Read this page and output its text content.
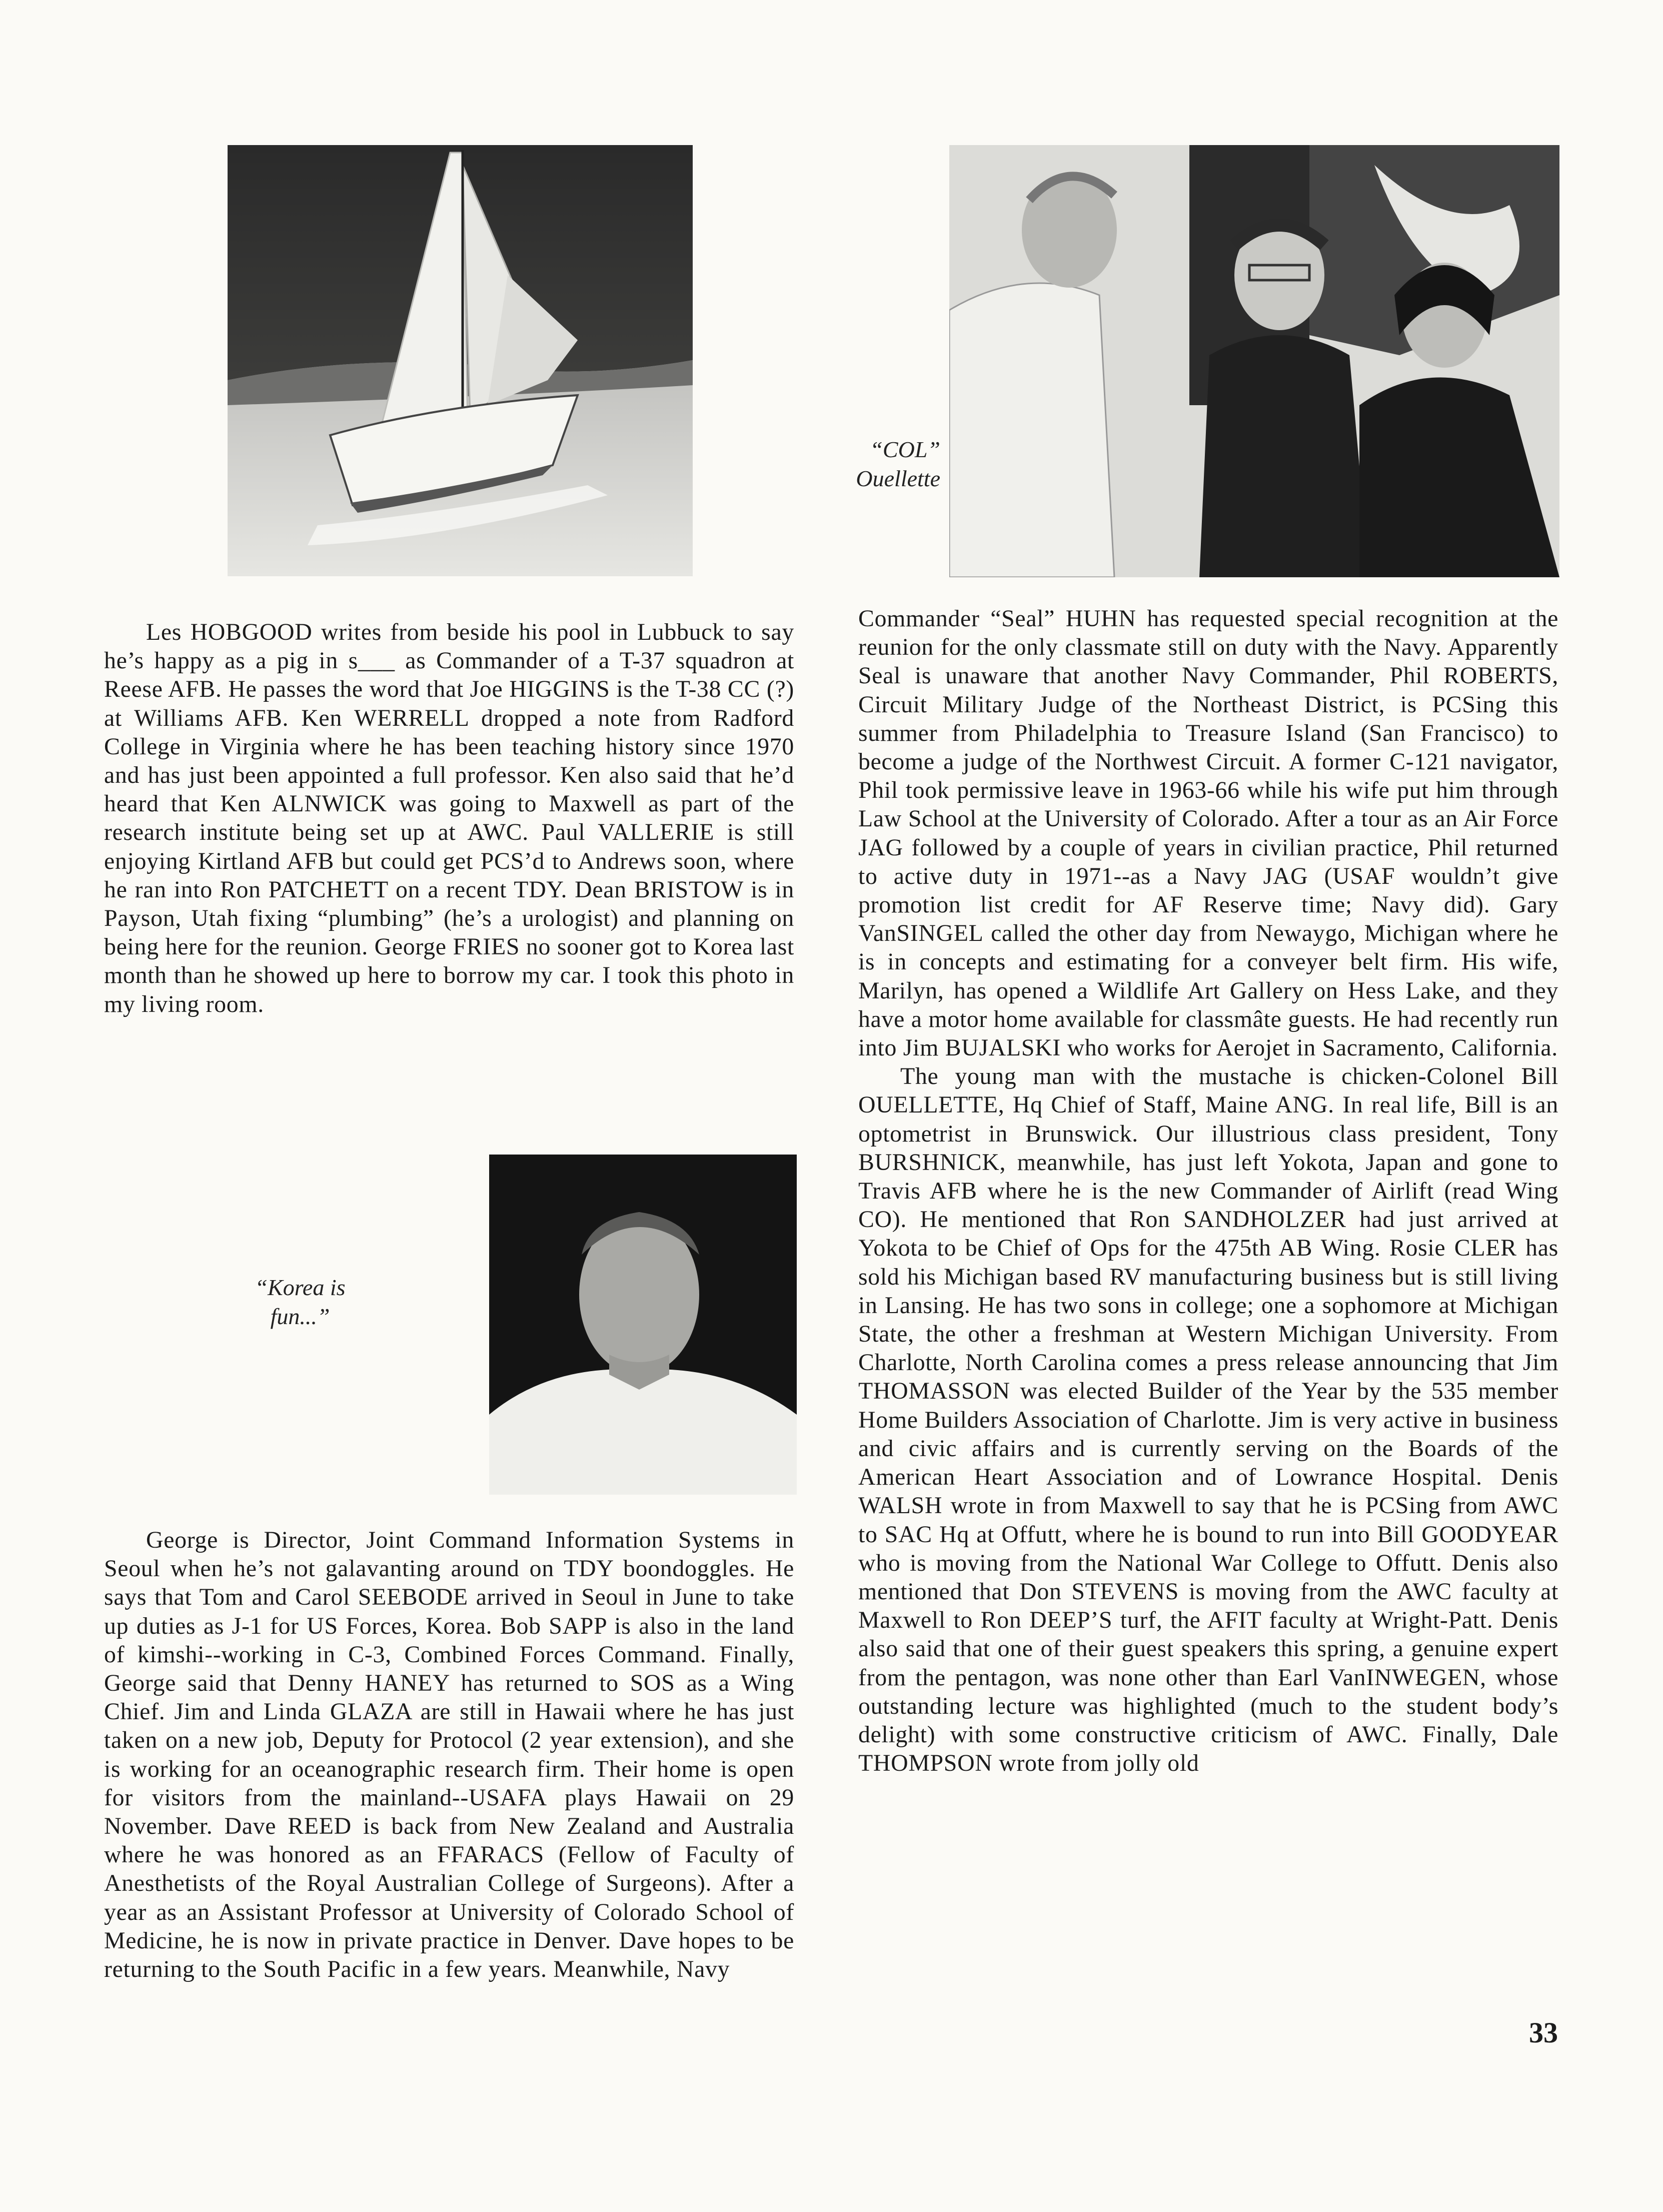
“COL”
Ouellette
“Korea is
fun...”

Les HOBGOOD writes from beside his pool in Lubbuck to say he’s happy as a pig in s___ as Commander of a T-37 squadron at Reese AFB. He passes the word that Joe HIGGINS is the T-38 CC (?) at Williams AFB. Ken WERRELL dropped a note from Radford College in Virginia where he has been teaching history since 1970 and has just been appointed a full professor. Ken also said that he’d heard that Ken ALNWICK was going to Maxwell as part of the research institute being set up at AWC. Paul VALLERIE is still enjoying Kirtland AFB but could get PCS’d to Andrews soon, where he ran into Ron PATCHETT on a recent TDY. Dean BRISTOW is in Payson, Utah fixing “plumbing” (he’s a urologist) and planning on being here for the reunion. George FRIES no sooner got to Korea last month than he showed up here to borrow my car. I took this photo in my living room.

George is Director, Joint Command Information Systems in Seoul when he’s not galavanting around on TDY boondoggles. He says that Tom and Carol SEEBODE arrived in Seoul in June to take up duties as J-1 for US Forces, Korea. Bob SAPP is also in the land of kimshi--working in C-3, Combined Forces Command. Finally, George said that Denny HANEY has returned to SOS as a Wing Chief. Jim and Linda GLAZA are still in Hawaii where he has just taken on a new job, Deputy for Protocol (2 year extension), and she is working for an oceanographic research firm. Their home is open for visitors from the mainland--USAFA plays Hawaii on 29 November. Dave REED is back from New Zealand and Australia where he was honored as an FFARACS (Fellow of Faculty of Anesthetists of the Royal Australian College of Surgeons). After a year as an Assistant Professor at University of Colorado School of Medicine, he is now in private practice in Denver. Dave hopes to be returning to the South Pacific in a few years. Meanwhile, Navy

Commander “Seal” HUHN has requested special recognition at the reunion for the only classmate still on duty with the Navy. Apparently Seal is unaware that another Navy Commander, Phil ROBERTS, Circuit Military Judge of the Northeast District, is PCSing this summer from Philadelphia to Treasure Island (San Francisco) to become a judge of the Northwest Circuit. A former C-121 navigator, Phil took permissive leave in 1963-66 while his wife put him through Law School at the University of Colorado. After a tour as an Air Force JAG followed by a couple of years in civilian practice, Phil returned to active duty in 1971--as a Navy JAG (USAF wouldn’t give promotion list credit for AF Reserve time; Navy did). Gary VanSINGEL called the other day from Newaygo, Michigan where he is in concepts and estimating for a conveyer belt firm. His wife, Marilyn, has opened a Wildlife Art Gallery on Hess Lake, and they have a motor home available for classmâte guests. He had recently run into Jim BUJALSKI who works for Aerojet in Sacramento, California.

The young man with the mustache is chicken-Colonel Bill OUELLETTE, Hq Chief of Staff, Maine ANG. In real life, Bill is an optometrist in Brunswick. Our illustrious class president, Tony BURSHNICK, meanwhile, has just left Yokota, Japan and gone to Travis AFB where he is the new Commander of Airlift (read Wing CO). He mentioned that Ron SANDHOLZER had just arrived at Yokota to be Chief of Ops for the 475th AB Wing. Rosie CLER has sold his Michigan based RV manufacturing business but is still living in Lansing. He has two sons in college; one a sophomore at Michigan State, the other a freshman at Western Michigan University. From Charlotte, North Carolina comes a press release announcing that Jim THOMASSON was elected Builder of the Year by the 535 member Home Builders Association of Charlotte. Jim is very active in business and civic affairs and is currently serving on the Boards of the American Heart Association and of Lowrance Hospital. Denis WALSH wrote in from Maxwell to say that he is PCSing from AWC to SAC Hq at Offutt, where he is bound to run into Bill GOODYEAR who is moving from the National War College to Offutt. Denis also mentioned that Don STEVENS is moving from the AWC faculty at Maxwell to Ron DEEP’S turf, the AFIT faculty at Wright-Patt. Denis also said that one of their guest speakers this spring, a genuine expert from the pentagon, was none other than Earl VanINWEGEN, whose outstanding lecture was highlighted (much to the student body’s delight) with some constructive criticism of AWC. Finally, Dale THOMPSON wrote from jolly old

33
